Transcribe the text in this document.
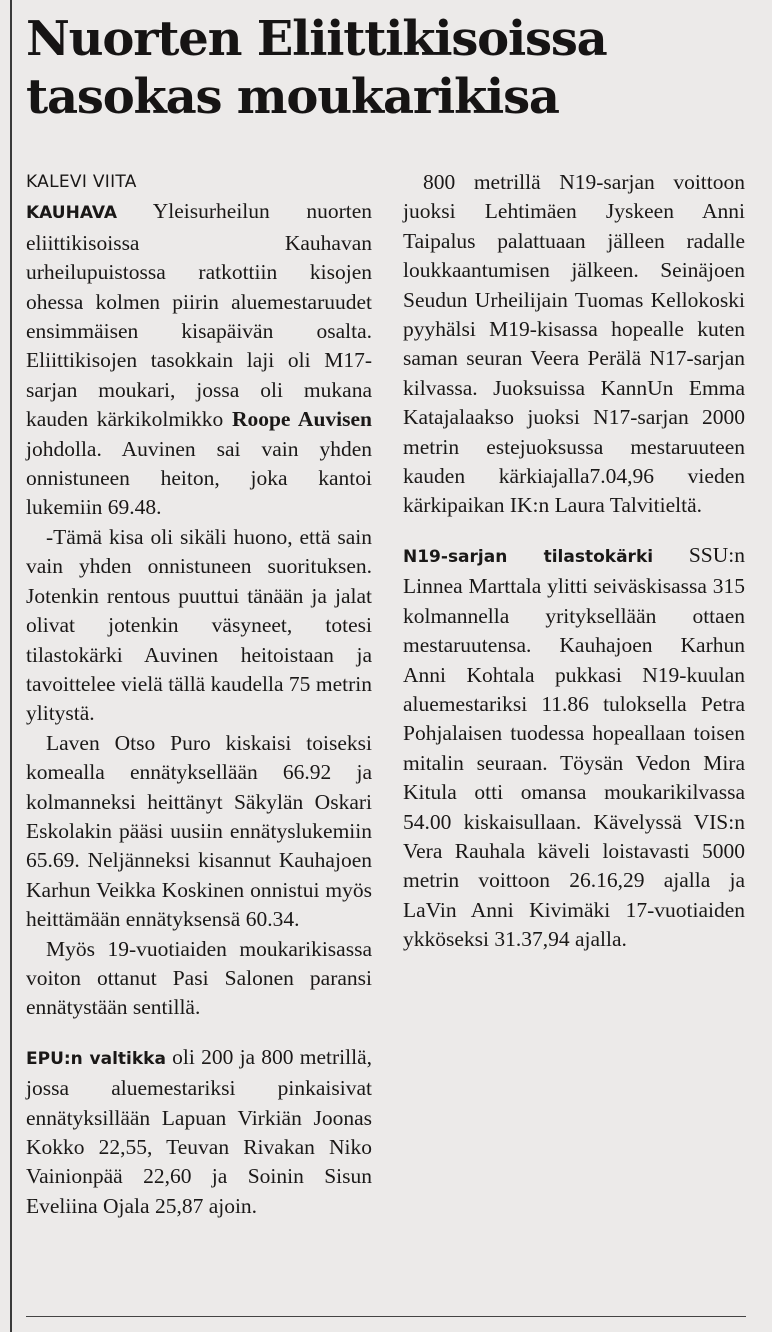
Nuorten Eliittikisoissa tasokas moukarikisa
KALEVI VIITA

KAUHAVA Yleisurheilun nuorten eliittikisoissa Kauhavan urheilupuistossa ratkottiin kisojen ohessa kolmen piirin aluemestaruudet ensimmäisen kisapäivän osalta. Eliittikisojen tasokkain laji oli M17-sarjan moukari, jossa oli mukana kauden kärkikolmikko Roope Auvisen johdolla. Auvinen sai vain yhden onnistuneen heiton, joka kantoi lukemiin 69.48.

-Tämä kisa oli sikäli huono, että sain vain yhden onnistuneen suorituksen. Jotenkin rentous puuttui tänään ja jalat olivat jotenkin väsyneet, totesi tilastokärki Auvinen heitoistaan ja tavoittelee vielä tällä kaudella 75 metrin ylitystä.

Laven Otso Puro kiskaisi toiseksi komealla ennätyksellään 66.92 ja kolmanneksi heittänyt Säkylän Oskari Eskolakin pääsi uusiin ennätyslukemiin 65.69. Neljänneksi kisannut Kauhajoen Karhun Veikka Koskinen onnistui myös heittämään ennätyksensä 60.34.

Myös 19-vuotiaiden moukarikisassa voiton ottanut Pasi Salonen paransi ennätystään sentillä.

EPU:n valtikka oli 200 ja 800 metrillä, jossa aluemestariksi pinkaisivat ennätyksillään Lapuan Virkiän Joonas Kokko 22,55, Teuvan Rivakan Niko Vainionpää 22,60 ja Soinin Sisun Eveliina Ojala 25,87 ajoin.

800 metrillä N19-sarjan voittoon juoksi Lehtimäen Jyskeen Anni Taipalus palattuaan jälleen radalle loukkaantumisen jälkeen. Seinäjoen Seudun Urheilijain Tuomas Kellokoski pyyhälsi M19-kisassa hopealle kuten saman seuran Veera Perälä N17-sarjan kilvassa. Juoksuissa KannUn Emma Katajalaakso juoksi N17-sarjan 2000 metrin estejuoksussa mestaruuteen kauden kärkiajalla7.04,96 vieden kärkipaikan IK:n Laura Talvitieltä.

N19-sarjan tilastokärki SSU:n Linnea Marttala ylitti seiväskisassa 315 kolmannella yrityksellään ottaen mestaruutensa. Kauhajoen Karhun Anni Kohtala pukkasi N19-kuulan aluemestariksi 11.86 tuloksella Petra Pohjalaisen tuodessa hopeallaan toisen mitalin seuraan. Töysän Vedon Mira Kitula otti omansa moukarikilvassa 54.00 kiskaisullaan. Kävelyssä VIS:n Vera Rauhala käveli loistavasti 5000 metrin voittoon 26.16,29 ajalla ja LaVin Anni Kivimäki 17-vuotiaiden ykköseksi 31.37,94 ajalla.
